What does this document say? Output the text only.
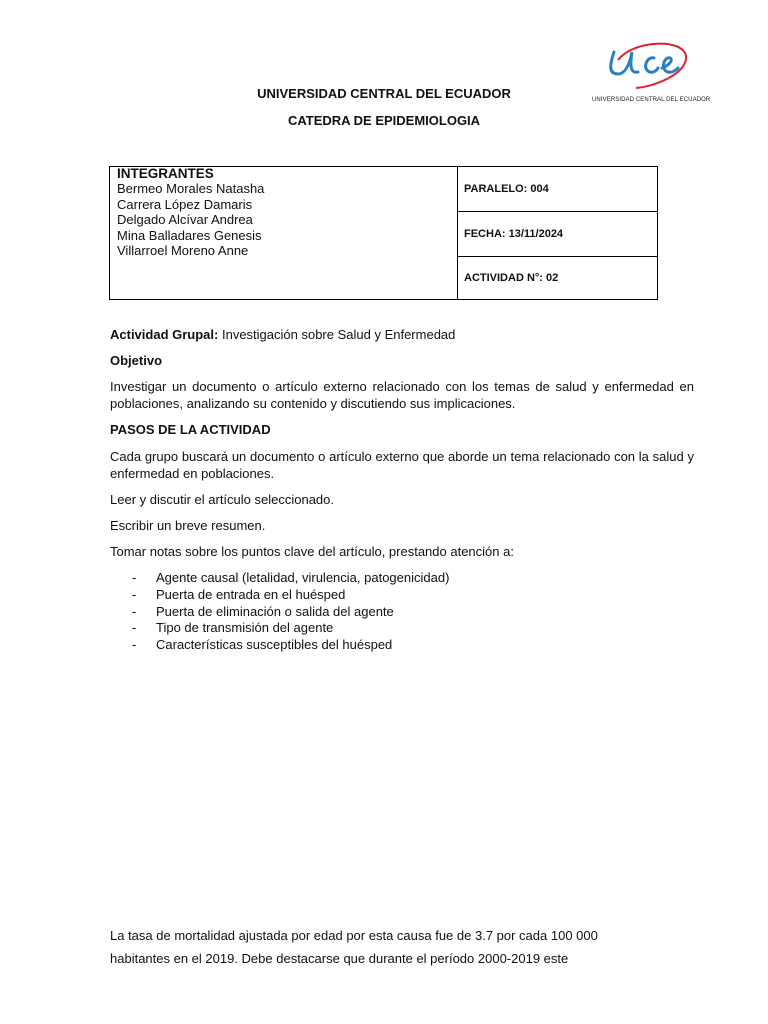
UNIVERSIDAD CENTRAL DEL ECUADOR
UNIVERSIDAD CENTRAL DEL ECUADOR
CATEDRA DE EPIDEMIOLOGIA
INTEGRANTES
Bermeo Morales Natasha
Carrera López Damaris
Delgado Alcívar Andrea
Mina Balladares Genesis
Villarroel Moreno Anne
PARALELO: 004
FECHA: 13/11/2024
ACTIVIDAD N°: 02
Actividad Grupal: Investigación sobre Salud y Enfermedad
Objetivo
Investigar un documento o artículo externo relacionado con los temas de salud y enfermedad en poblaciones, analizando su contenido y discutiendo sus implicaciones.
PASOS DE LA ACTIVIDAD
Cada grupo buscará un documento o artículo externo que aborde un tema relacionado con la salud y enfermedad en poblaciones.
Leer y discutir el artículo seleccionado.
Escribir un breve resumen.
Tomar notas sobre los puntos clave del artículo, prestando atención a:
- Agente causal (letalidad, virulencia, patogenicidad)
- Puerta de entrada en el huésped
- Puerta de eliminación o salida del agente
- Tipo de transmisión del agente
- Características susceptibles del huésped
La tasa de mortalidad ajustada por edad por esta causa fue de 3.7 por cada 100 000
habitantes en el 2019. Debe destacarse que durante el período 2000-2019 este
